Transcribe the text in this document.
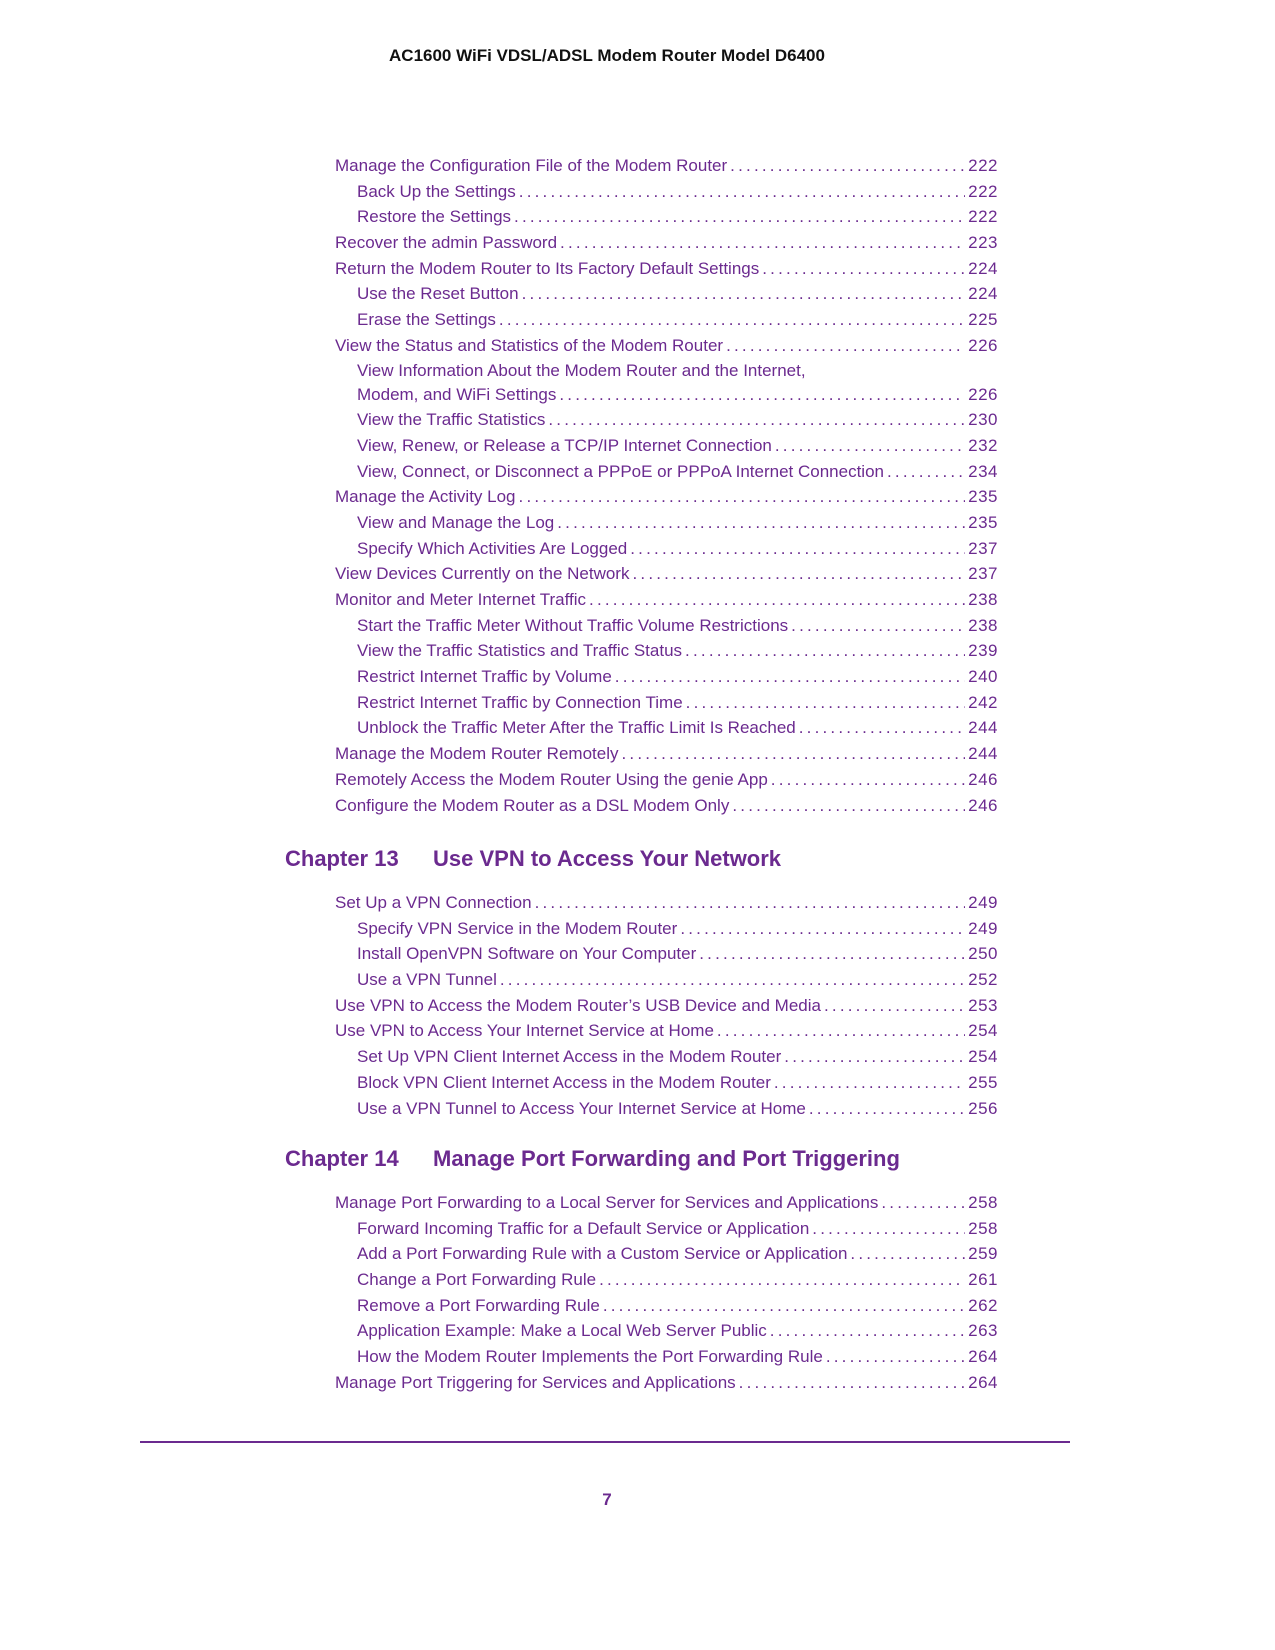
AC1600 WiFi VDSL/ADSL Modem Router Model D6400
Manage the Configuration File of the Modem Router .....	222
Back Up the Settings .....	222
Restore the Settings .....	222
Recover the admin Password .....	223
Return the Modem Router to Its Factory Default Settings .....	224
Use the Reset Button .....	224
Erase the Settings .....	225
View the Status and Statistics of the Modem Router .....	226
View Information About the Modem Router and the Internet,
Modem, and WiFi Settings .....	226
View the Traffic Statistics .....	230
View, Renew, or Release a TCP/IP Internet Connection .....	232
View, Connect, or Disconnect a PPPoE or PPPoA Internet Connection .....	234
Manage the Activity Log .....	235
View and Manage the Log .....	235
Specify Which Activities Are Logged .....	237
View Devices Currently on the Network .....	237
Monitor and Meter Internet Traffic .....	238
Start the Traffic Meter Without Traffic Volume Restrictions .....	238
View the Traffic Statistics and Traffic Status .....	239
Restrict Internet Traffic by Volume .....	240
Restrict Internet Traffic by Connection Time .....	242
Unblock the Traffic Meter After the Traffic Limit Is Reached .....	244
Manage the Modem Router Remotely .....	244
Remotely Access the Modem Router Using the genie App .....	246
Configure the Modem Router as a DSL Modem Only .....	246
Chapter 13 Use VPN to Access Your Network
Set Up a VPN Connection .....	249
Specify VPN Service in the Modem Router .....	249
Install OpenVPN Software on Your Computer .....	250
Use a VPN Tunnel .....	252
Use VPN to Access the Modem Router’s USB Device and Media .....	253
Use VPN to Access Your Internet Service at Home .....	254
Set Up VPN Client Internet Access in the Modem Router .....	254
Block VPN Client Internet Access in the Modem Router .....	255
Use a VPN Tunnel to Access Your Internet Service at Home .....	256
Chapter 14 Manage Port Forwarding and Port Triggering
Manage Port Forwarding to a Local Server for Services and Applications .....	258
Forward Incoming Traffic for a Default Service or Application .....	258
Add a Port Forwarding Rule with a Custom Service or Application .....	259
Change a Port Forwarding Rule .....	261
Remove a Port Forwarding Rule .....	262
Application Example: Make a Local Web Server Public .....	263
How the Modem Router Implements the Port Forwarding Rule .....	264
Manage Port Triggering for Services and Applications .....	264
7
